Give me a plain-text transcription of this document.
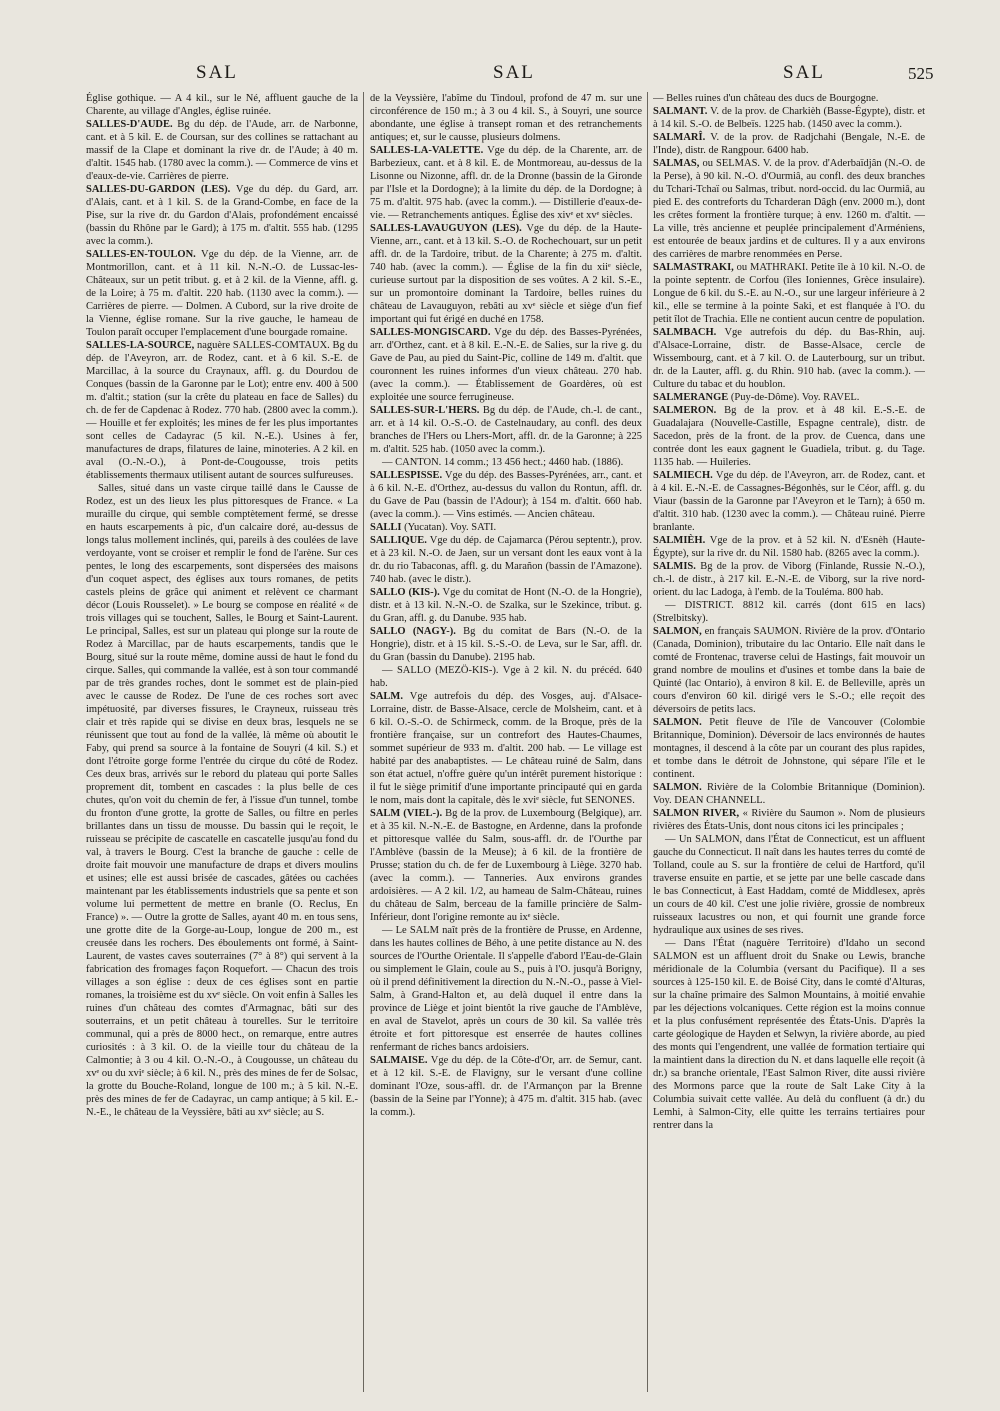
SAL	SAL	SAL	525

Église gothique. — A 4 kil., sur le Né, affluent gauche de la Charente, au village d'Angles, église ruinée.

SALLES-D'AUDE. Bg du dép. de l'Aude, arr. de Narbonne, cant. et à 5 kil. E. de Coursan, sur des collines se rattachant au massif de la Clape et dominant la rive dr. de l'Aude; à 40 m. d'altit. 1545 hab. (1780 avec la comm.). — Commerce de vins et d'eaux-de-vie. Carrières de pierre.

SALLES-DU-GARDON (LES). Vge du dép. du Gard, arr. d'Alais, cant. et à 1 kil. S. de la Grand-Combe, en face de la Pise, sur la rive dr. du Gardon d'Alais, profondément encaissé (bassin du Rhône par le Gard); à 175 m. d'altit. 555 hab. (1295 avec la comm.).

SALLES-EN-TOULON. Vge du dép. de la Vienne, arr. de Montmorillon, cant. et à 11 kil. N.-N.-O. de Lussac-les-Châteaux, sur un petit tribut. g. et à 2 kil. de la Vienne, affl. g. de la Loire; à 75 m. d'altit. 220 hab. (1130 avec la comm.). — Carrières de pierre. — Dolmen. A Cubord, sur la rive droite de la Vienne, église romane. Sur la rive gauche, le hameau de Toulon paraît occuper l'emplacement d'une bourgade romaine.

SALLES-LA-SOURCE, naguère SALLES-COMTAUX. Bg du dép. de l'Aveyron, arr. de Rodez, cant. et à 6 kil. S.-E. de Marcillac, à la source du Craynaux, affl. g. du Dourdou de Conques (bassin de la Garonne par le Lot); entre env. 400 à 500 m. d'altit.; station (sur la crête du plateau en face de Salles) du ch. de fer de Capdenac à Rodez. 770 hab. (2800 avec la comm.). — Houille et fer exploités; les mines de fer les plus importantes sont celles de Cadayrac (5 kil. N.-E.). Usines à fer, manufactures de draps, filatures de laine, minoteries. A 2 kil. en aval (O.-N.-O.), à Pont-de-Cougousse, trois petits établissements thermaux utilisent autant de sources sulfureuses.

Salles, situé dans un vaste cirque taillé dans le Causse de Rodez, est un des lieux les plus pittoresques de France. « La muraille du cirque, qui semble comptètement fermé, se dresse en hauts escarpements à pic, d'un calcaire doré, au-dessus de longs talus mollement inclinés, qui, pareils à des coulées de lave verdoyante, vont se croiser et remplir le fond de l'arène. Sur ces pentes, le long des escarpements, sont dispersées des maisons d'un coquet aspect, des églises aux tours romanes, de petits castels pleins de grâce qui animent et relèvent ce charmant décor (Louis Rousselet). » Le bourg se compose en réalité « de trois villages qui se touchent, Salles, le Bourg et Saint-Laurent. Le principal, Salles, est sur un plateau qui plonge sur la route de Rodez à Marcillac, par de hauts escarpements, tandis que le Bourg, situé sur la route même, domine aussi de haut le fond du cirque. Salles, qui commande la vallée, est à son tour commandé par de très grandes roches, dont le sommet est de plain-pied avec le causse de Rodez. De l'une de ces roches sort avec impétuosité, par diverses fissures, le Crayneux, ruisseau très clair et très rapide qui se divise en deux bras, lesquels ne se réunissent que tout au fond de la vallée, là même où aboutit le Faby, qui prend sa source à la fontaine de Souyri (4 kil. S.) et dont l'étroite gorge forme l'entrée du cirque du côté de Rodez. Ces deux bras, arrivés sur le rebord du plateau qui porte Salles proprement dit, tombent en cascades : la plus belle de ces chutes, qu'on voit du chemin de fer, à l'issue d'un tunnel, tombe du fronton d'une grotte, la grotte de Salles, ou filtre en perles brillantes dans un tissu de mousse. Du bassin qui le reçoit, le ruisseau se précipite de cascatelle en cascatelle jusqu'au fond du val, à travers le Bourg. C'est la branche de gauche : celle de droite fait mouvoir une manufacture de draps et divers moulins et usines; elle est aussi brisée de cascades, gâtées ou cachées maintenant par les établissements industriels que sa pente et son volume lui permettent de mettre en branle (O. Reclus, En France) ». — Outre la grotte de Salles, ayant 40 m. en tous sens, une grotte dite de la Gorge-au-Loup, longue de 200 m., est creusée dans les rochers. Des éboulements ont formé, à Saint-Laurent, de vastes caves souterraines (7° à 8°) qui servent à la fabrication des fromages façon Roquefort. — Chacun des trois villages a son église : deux de ces églises sont en partie romanes, la troisième est du xvᵉ siècle. On voit enfin à Salles les ruines d'un château des comtes d'Armagnac, bâti sur des souterrains, et un petit château à tourelles. Sur le territoire communal, qui a près de 8000 hect., on remarque, entre autres curiosités : à 3 kil. O. de la vieille tour du château de la Calmontie; à 3 ou 4 kil. O.-N.-O., à Cougousse, un château du xvᵉ ou du xviᵉ siècle; à 6 kil. N., près des mines de fer de Solsac, la grotte du Bouche-Roland, longue de 100 m.; à 5 kil. N.-E. près des mines de fer de Cadayrac, un camp antique; à 5 kil. E.-N.-E., le château de la Veyssière, bâti au xvᵉ siècle; au S.

de la Veyssière, l'abîme du Tindoul, profond de 47 m. sur une circonférence de 150 m.; à 3 ou 4 kil. S., à Souyri, une source abondante, une église à transept roman et des retranchements antiques; et, sur le causse, plusieurs dolmens.

SALLES-LA-VALETTE. Vge du dép. de la Charente, arr. de Barbezieux, cant. et à 8 kil. E. de Montmoreau, au-dessus de la Lisonne ou Nizonne, affl. dr. de la Dronne (bassin de la Gironde par l'Isle et la Dordogne); à la limite du dép. de la Dordogne; à 75 m. d'altit. 975 hab. (avec la comm.). — Distillerie d'eaux-de-vie. — Retranchements antiques. Église des xivᵉ et xvᵉ siècles.

SALLES-LAVAUGUYON (LES). Vge du dép. de la Haute-Vienne, arr., cant. et à 13 kil. S.-O. de Rochechouart, sur un petit affl. dr. de la Tardoire, tribut. de la Charente; à 275 m. d'altit. 740 hab. (avec la comm.). — Église de la fin du xiiᵉ siècle, curieuse surtout par la disposition de ses voûtes. A 2 kil. S.-E., sur un promontoire dominant la Tardoire, belles ruines du château de Lavauguyon, rebâti au xvᵉ siècle et siège d'un fief important qui fut érigé en duché en 1758.

SALLES-MONGISCARD. Vge du dép. des Basses-Pyrénées, arr. d'Orthez, cant. et à 8 kil. E.-N.-E. de Salies, sur la rive g. du Gave de Pau, au pied du Saint-Pic, colline de 149 m. d'altit. que couronnent les ruines informes d'un vieux château. 270 hab. (avec la comm.). — Établissement de Goardères, où est exploitée une source ferrugineuse.

SALLES-SUR-L'HERS. Bg du dép. de l'Aude, ch.-l. de cant., arr. et à 14 kil. O.-S.-O. de Castelnaudary, au confl. des deux branches de l'Hers ou Lhers-Mort, affl. dr. de la Garonne; à 225 m. d'altit. 525 hab. (1050 avec la comm.).

— CANTON. 14 comm.; 13 456 hect.; 4460 hab. (1886).

SALLESPISSE. Vge du dép. des Basses-Pyrénées, arr., cant. et à 6 kil. N.-E. d'Orthez, au-dessus du vallon du Rontun, affl. dr. du Gave de Pau (bassin de l'Adour); à 154 m. d'altit. 660 hab. (avec la comm.). — Vins estimés. — Ancien château.

SALLI (Yucatan). Voy. SATI.

SALLIQUE. Vge du dép. de Cajamarca (Pérou septentr.), prov. et à 23 kil. N.-O. de Jaen, sur un versant dont les eaux vont à la dr. du rio Tabaconas, affl. g. du Marañon (bassin de l'Amazone). 740 hab. (avec le distr.).

SALLO (KIS-). Vge du comitat de Hont (N.-O. de la Hongrie), distr. et à 13 kil. N.-N.-O. de Szalka, sur le Szekince, tribut. g. du Gran, affl. g. du Danube. 935 hab.

SALLO (NAGY-). Bg du comitat de Bars (N.-O. de la Hongrie), distr. et à 15 kil. S.-S.-O. de Leva, sur le Sar, affl. dr. du Gran (bassin du Danube). 2195 hab.

— SALLO (MEZÖ-KIS-). Vge à 2 kil. N. du précéd. 640 hab.

SALM. Vge autrefois du dép. des Vosges, auj. d'Alsace-Lorraine, distr. de Basse-Alsace, cercle de Molsheim, cant. et à 6 kil. O.-S.-O. de Schirmeck, comm. de la Broque, près de la frontière française, sur un contrefort des Hautes-Chaumes, sommet supérieur de 933 m. d'altit. 200 hab. — Le village est habité par des anabaptistes. — Le château ruiné de Salm, dans son état actuel, n'offre guère qu'un intérêt purement historique : il fut le siège primitif d'une importante principauté qui en garda le nom, mais dont la capitale, dès le xviᵉ siècle, fut SENONES.

SALM (VIEL-). Bg de la prov. de Luxembourg (Belgique), arr. et à 35 kil. N.-N.-E. de Bastogne, en Ardenne, dans la profonde et pittoresque vallée du Salm, sous-affl. dr. de l'Ourthe par l'Amblève (bassin de la Meuse); à 6 kil. de la frontière de Prusse; station du ch. de fer de Luxembourg à Liège. 3270 hab. (avec la comm.). — Tanneries. Aux environs grandes ardoisières. — A 2 kil. 1/2, au hameau de Salm-Château, ruines du château de Salm, berceau de la famille princière de Salm-Inférieur, dont l'origine remonte au ixᵉ siècle.

— Le SALM naît près de la frontière de Prusse, en Ardenne, dans les hautes collines de Bého, à une petite distance au N. des sources de l'Ourthe Orientale. Il s'appelle d'abord l'Eau-de-Glain ou simplement le Glain, coule au S., puis à l'O. jusqu'à Borigny, où il prend définitivement la direction du N.-N.-O., passe à Viel-Salm, à Grand-Halton et, au delà duquel il entre dans la province de Liège et joint bientôt la rive gauche de l'Amblève, en aval de Stavelot, après un cours de 30 kil. Sa vallée très étroite et fort pittoresque est enserrée de hautes collines renfermant de riches bancs ardoisiers.

SALMAISE. Vge du dép. de la Côte-d'Or, arr. de Semur, cant. et à 12 kil. S.-E. de Flavigny, sur le versant d'une colline dominant l'Oze, sous-affl. dr. de l'Armançon par la Brenne (bassin de la Seine par l'Yonne); à 475 m. d'altit. 315 hab. (avec la comm.).

— Belles ruines d'un château des ducs de Bourgogne.

SALMANT. V. de la prov. de Charkièh (Basse-Égypte), distr. et à 14 kil. S.-O. de Belbeïs. 1225 hab. (1450 avec la comm.).

SALMARÎ. V. de la prov. de Radjchahi (Bengale, N.-E. de l'Inde), distr. de Rangpour. 6400 hab.

SALMAS, ou SELMAS. V. de la prov. d'Aderbaïdjân (N.-O. de la Perse), à 90 kil. N.-O. d'Ourmiâ, au confl. des deux branches du Tchari-Tchaï ou Salmas, tribut. nord-occid. du lac Ourmiâ, au pied E. des contreforts du Tcharderan Dâgh (env. 2000 m.), dont les crêtes forment la frontière turque; à env. 1260 m. d'altit. — La ville, très ancienne et peuplée principalement d'Arméniens, est entourée de beaux jardins et de cultures. Il y a aux environs des carrières de marbre renommées en Perse.

SALMASTRAKI, ou MATHRAKI. Petite île à 10 kil. N.-O. de la pointe septentr. de Corfou (îles Ioniennes, Grèce insulaire). Longue de 6 kil. du S.-E. au N.-O., sur une largeur inférieure à 2 kil., elle se termine à la pointe Saki, et est flanquée à l'O. du petit îlot de Trachia. Elle ne contient aucun centre de population.

SALMBACH. Vge autrefois du dép. du Bas-Rhin, auj. d'Alsace-Lorraine, distr. de Basse-Alsace, cercle de Wissembourg, cant. et à 7 kil. O. de Lauterbourg, sur un tribut. dr. de la Lauter, affl. g. du Rhin. 910 hab. (avec la comm.). — Culture du tabac et du houblon.

SALMERANGE (Puy-de-Dôme). Voy. RAVEL.

SALMERON. Bg de la prov. et à 48 kil. E.-S.-E. de Guadalajara (Nouvelle-Castille, Espagne centrale), distr. de Sacedon, près de la front. de la prov. de Cuenca, dans une contrée dont les eaux gagnent le Guadiela, tribut. g. du Tage. 1135 hab. — Huileries.

SALMIECH. Vge du dép. de l'Aveyron, arr. de Rodez, cant. et à 4 kil. E.-N.-E. de Cassagnes-Bégonhès, sur le Céor, affl. g. du Viaur (bassin de la Garonne par l'Aveyron et le Tarn); à 650 m. d'altit. 310 hab. (1230 avec la comm.). — Château ruiné. Pierre branlante.

SALMIÈH. Vge de la prov. et à 52 kil. N. d'Esnèh (Haute-Égypte), sur la rive dr. du Nil. 1580 hab. (8265 avec la comm.).

SALMIS. Bg de la prov. de Viborg (Finlande, Russie N.-O.), ch.-l. de distr., à 217 kil. E.-N.-E. de Viborg, sur la rive nord-orient. du lac Ladoga, à l'emb. de la Touléma. 800 hab.

— DISTRICT. 8812 kil. carrés (dont 615 en lacs) (Strelbitsky).

SALMON, en français SAUMON. Rivière de la prov. d'Ontario (Canada, Dominion), tributaire du lac Ontario. Elle naît dans le comté de Frontenac, traverse celui de Hastings, fait mouvoir un grand nombre de moulins et d'usines et tombe dans la baie de Quinté (lac Ontario), à environ 8 kil. E. de Belleville, après un cours d'environ 60 kil. dirigé vers le S.-O.; elle reçoit des déversoirs de petits lacs.

SALMON. Petit fleuve de l'île de Vancouver (Colombie Britannique, Dominion). Déversoir de lacs environnés de hautes montagnes, il descend à la côte par un courant des plus rapides, et tombe dans le détroit de Johnstone, qui sépare l'île et le continent.

SALMON. Rivière de la Colombie Britannique (Dominion). Voy. DEAN CHANNELL.

SALMON RIVER, « Rivière du Saumon ». Nom de plusieurs rivières des États-Unis, dont nous citons ici les principales ;

— Un SALMON, dans l'État de Connecticut, est un affluent gauche du Connecticut. Il naît dans les hautes terres du comté de Tolland, coule au S. sur la frontière de celui de Hartford, qu'il traverse ensuite en partie, et se jette par une belle cascade dans le bas Connecticut, à East Haddam, comté de Middlesex, après un cours de 40 kil. C'est une jolie rivière, grossie de nombreux ruisseaux lacustres ou non, et qui fournit une grande force hydraulique aux usines de ses rives.

— Dans l'État (naguère Territoire) d'Idaho un second SALMON est un affluent droit du Snake ou Lewis, branche méridionale de la Columbia (versant du Pacifique). Il a ses sources à 125-150 kil. E. de Boisé City, dans le comté d'Alturas, sur la chaîne primaire des Salmon Mountains, à moitié envahie par les déjections volcaniques. Cette région est la moins connue et la plus confusément représentée des États-Unis. D'après la carte géologique de Hayden et Selwyn, la rivière aborde, au pied des monts qui l'engendrent, une vallée de formation tertiaire qui la maintient dans la direction du N. et dans laquelle elle reçoit (à dr.) sa branche orientale, l'East Salmon River, dite aussi rivière des Mormons parce que la route de Salt Lake City à la Columbia suivait cette vallée. Au delà du confluent (à dr.) du Lemhi, à Salmon-City, elle quitte les terrains tertiaires pour rentrer dans la
